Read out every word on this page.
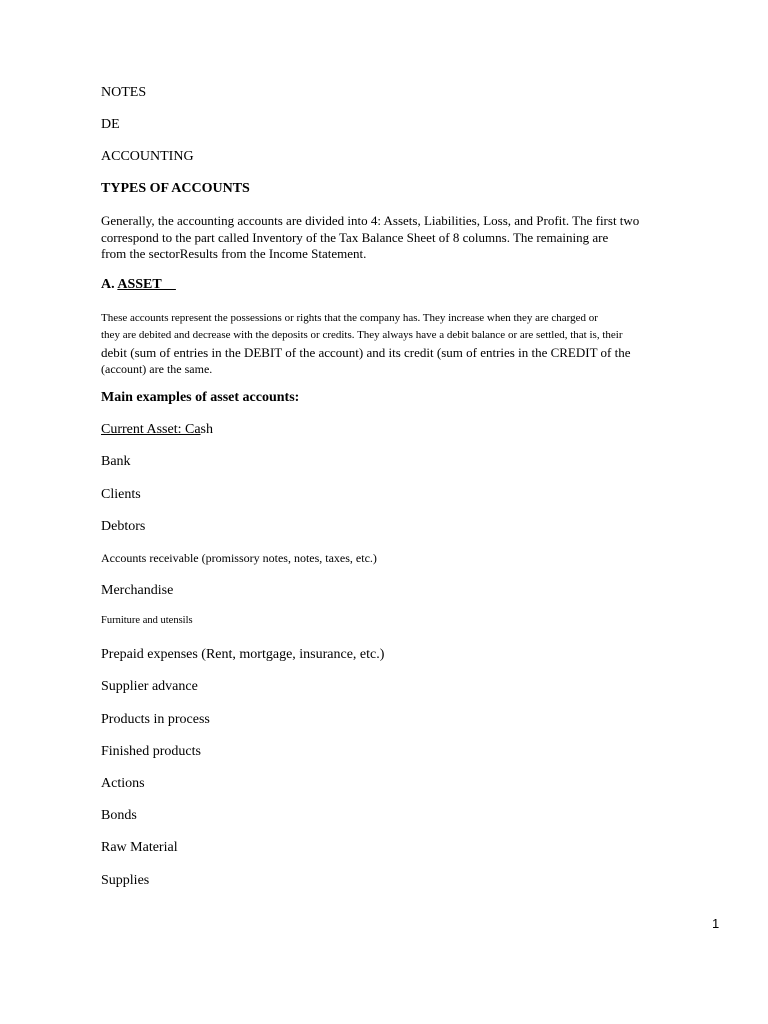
NOTES
DE
ACCOUNTING
TYPES OF ACCOUNTS
Generally, the accounting accounts are divided into 4: Assets, Liabilities, Loss, and Profit. The first two
correspond to the part called Inventory of the Tax Balance Sheet of 8 columns. The remaining are
from the sectorResults from the Income Statement.
A. ASSET__
These accounts represent the possessions or rights that the company has. They increase when they are charged or
they are debited and decrease with the deposits or credits. They always have a debit balance or are settled, that is, their
debit (sum of entries in the DEBIT of the account) and its credit (sum of entries in the CREDIT of the
(account) are the same.
Main examples of asset accounts:
Current Asset: Cash
Bank
Clients
Debtors
Accounts receivable (promissory notes, notes, taxes, etc.)
Merchandise
Furniture and utensils
Prepaid expenses (Rent, mortgage, insurance, etc.)
Supplier advance
Products in process
Finished products
Actions
Bonds
Raw Material
Supplies
1
